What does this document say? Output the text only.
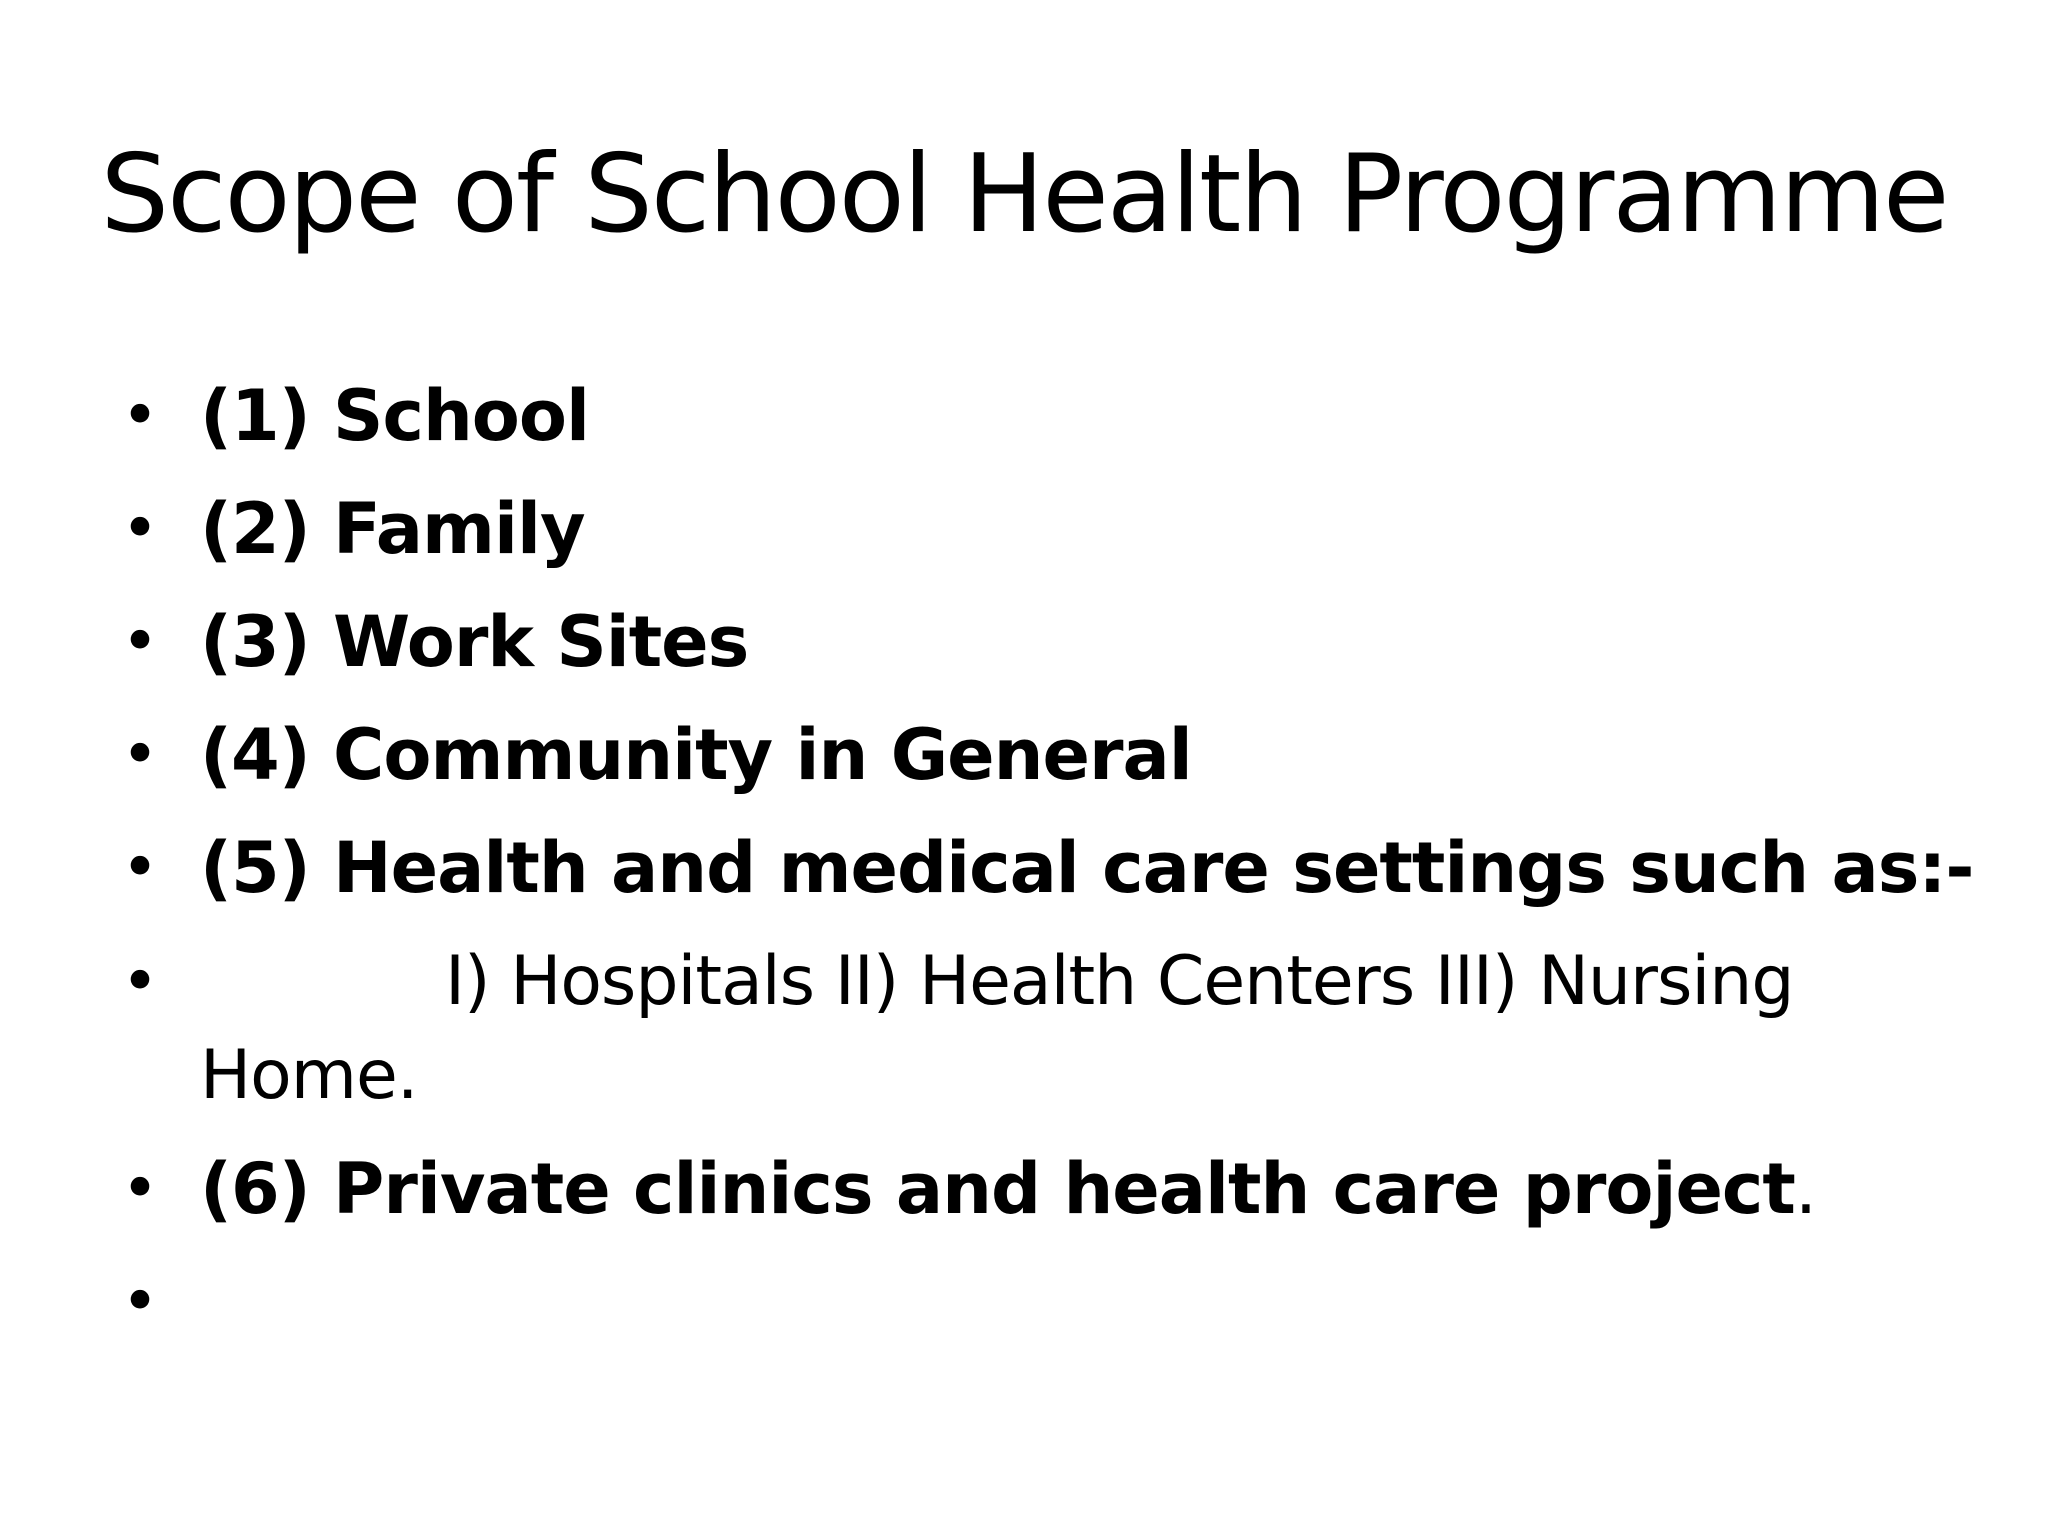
Scope of School Health Programme
• (1) School
• (2) Family
• (3) Work Sites
• (4) Community in General
• (5) Health and medical care settings such as:-
•	I) Hospitals II) Health Centers III) Nursing Home.
• (6) Private clinics and health care project.
•
